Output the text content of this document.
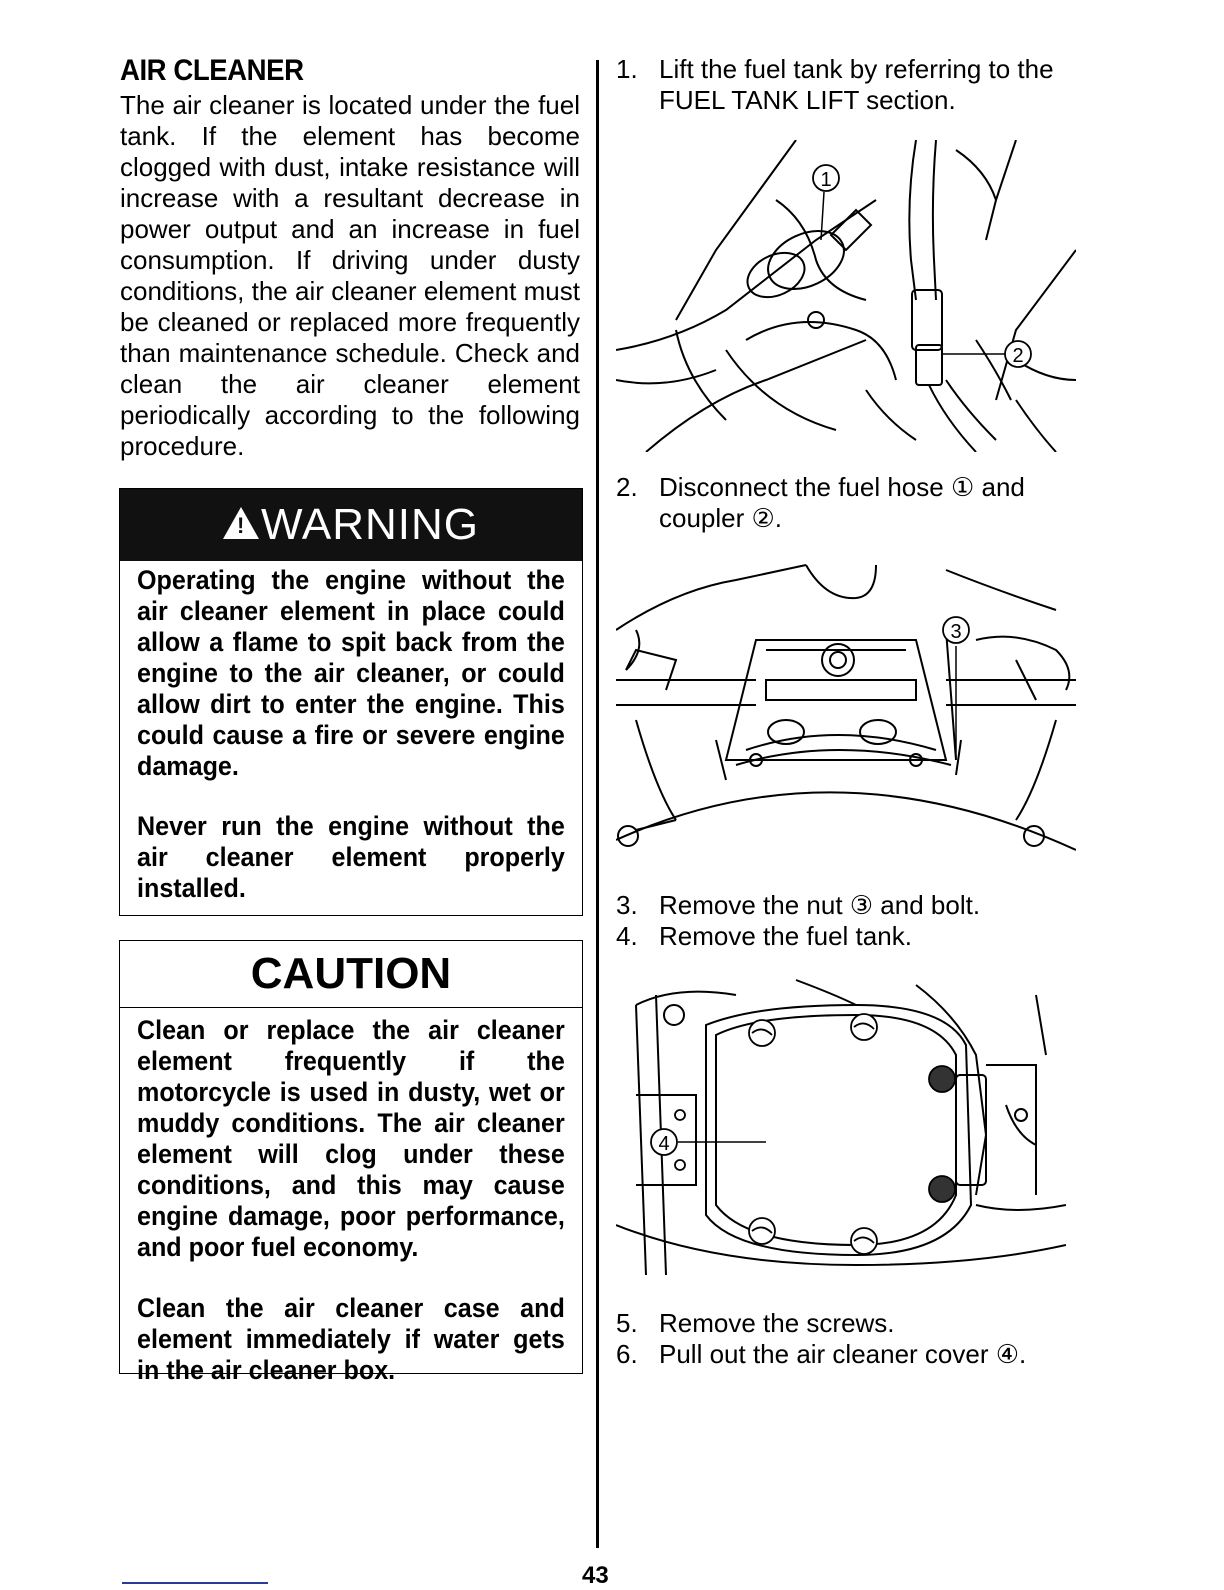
AIR CLEANER
The air cleaner is located under the fuel tank. If the element has become clogged with dust, intake resistance will increase with a resultant decrease in power output and an increase in fuel consumption. If driving under dusty conditions, the air cleaner element must be cleaned or replaced more frequently than maintenance schedule. Check and clean the air cleaner element periodically according to the following procedure.
!
WARNING
Operating the engine without the air cleaner element in place could allow a flame to spit back from the engine to the air cleaner, or could allow dirt to enter the engine. This could cause a fire or severe engine damage.
Never run the engine without the air cleaner element properly installed.
CAUTION
Clean or replace the air cleaner element frequently if the motorcycle is used in dusty, wet or muddy conditions. The air cleaner element will clog under these conditions, and this may cause engine damage, poor performance, and poor fuel economy.
Clean the air cleaner case and element immediately if water gets in the air cleaner box.
1. Lift the fuel tank by referring to the FUEL TANK LIFT section.
1
2
2. Disconnect the fuel hose ① and coupler ②.
3
3. Remove the nut ③ and bolt.
4. Remove the fuel tank.
4
5. Remove the screws.
6. Pull out the air cleaner cover ④.
43
